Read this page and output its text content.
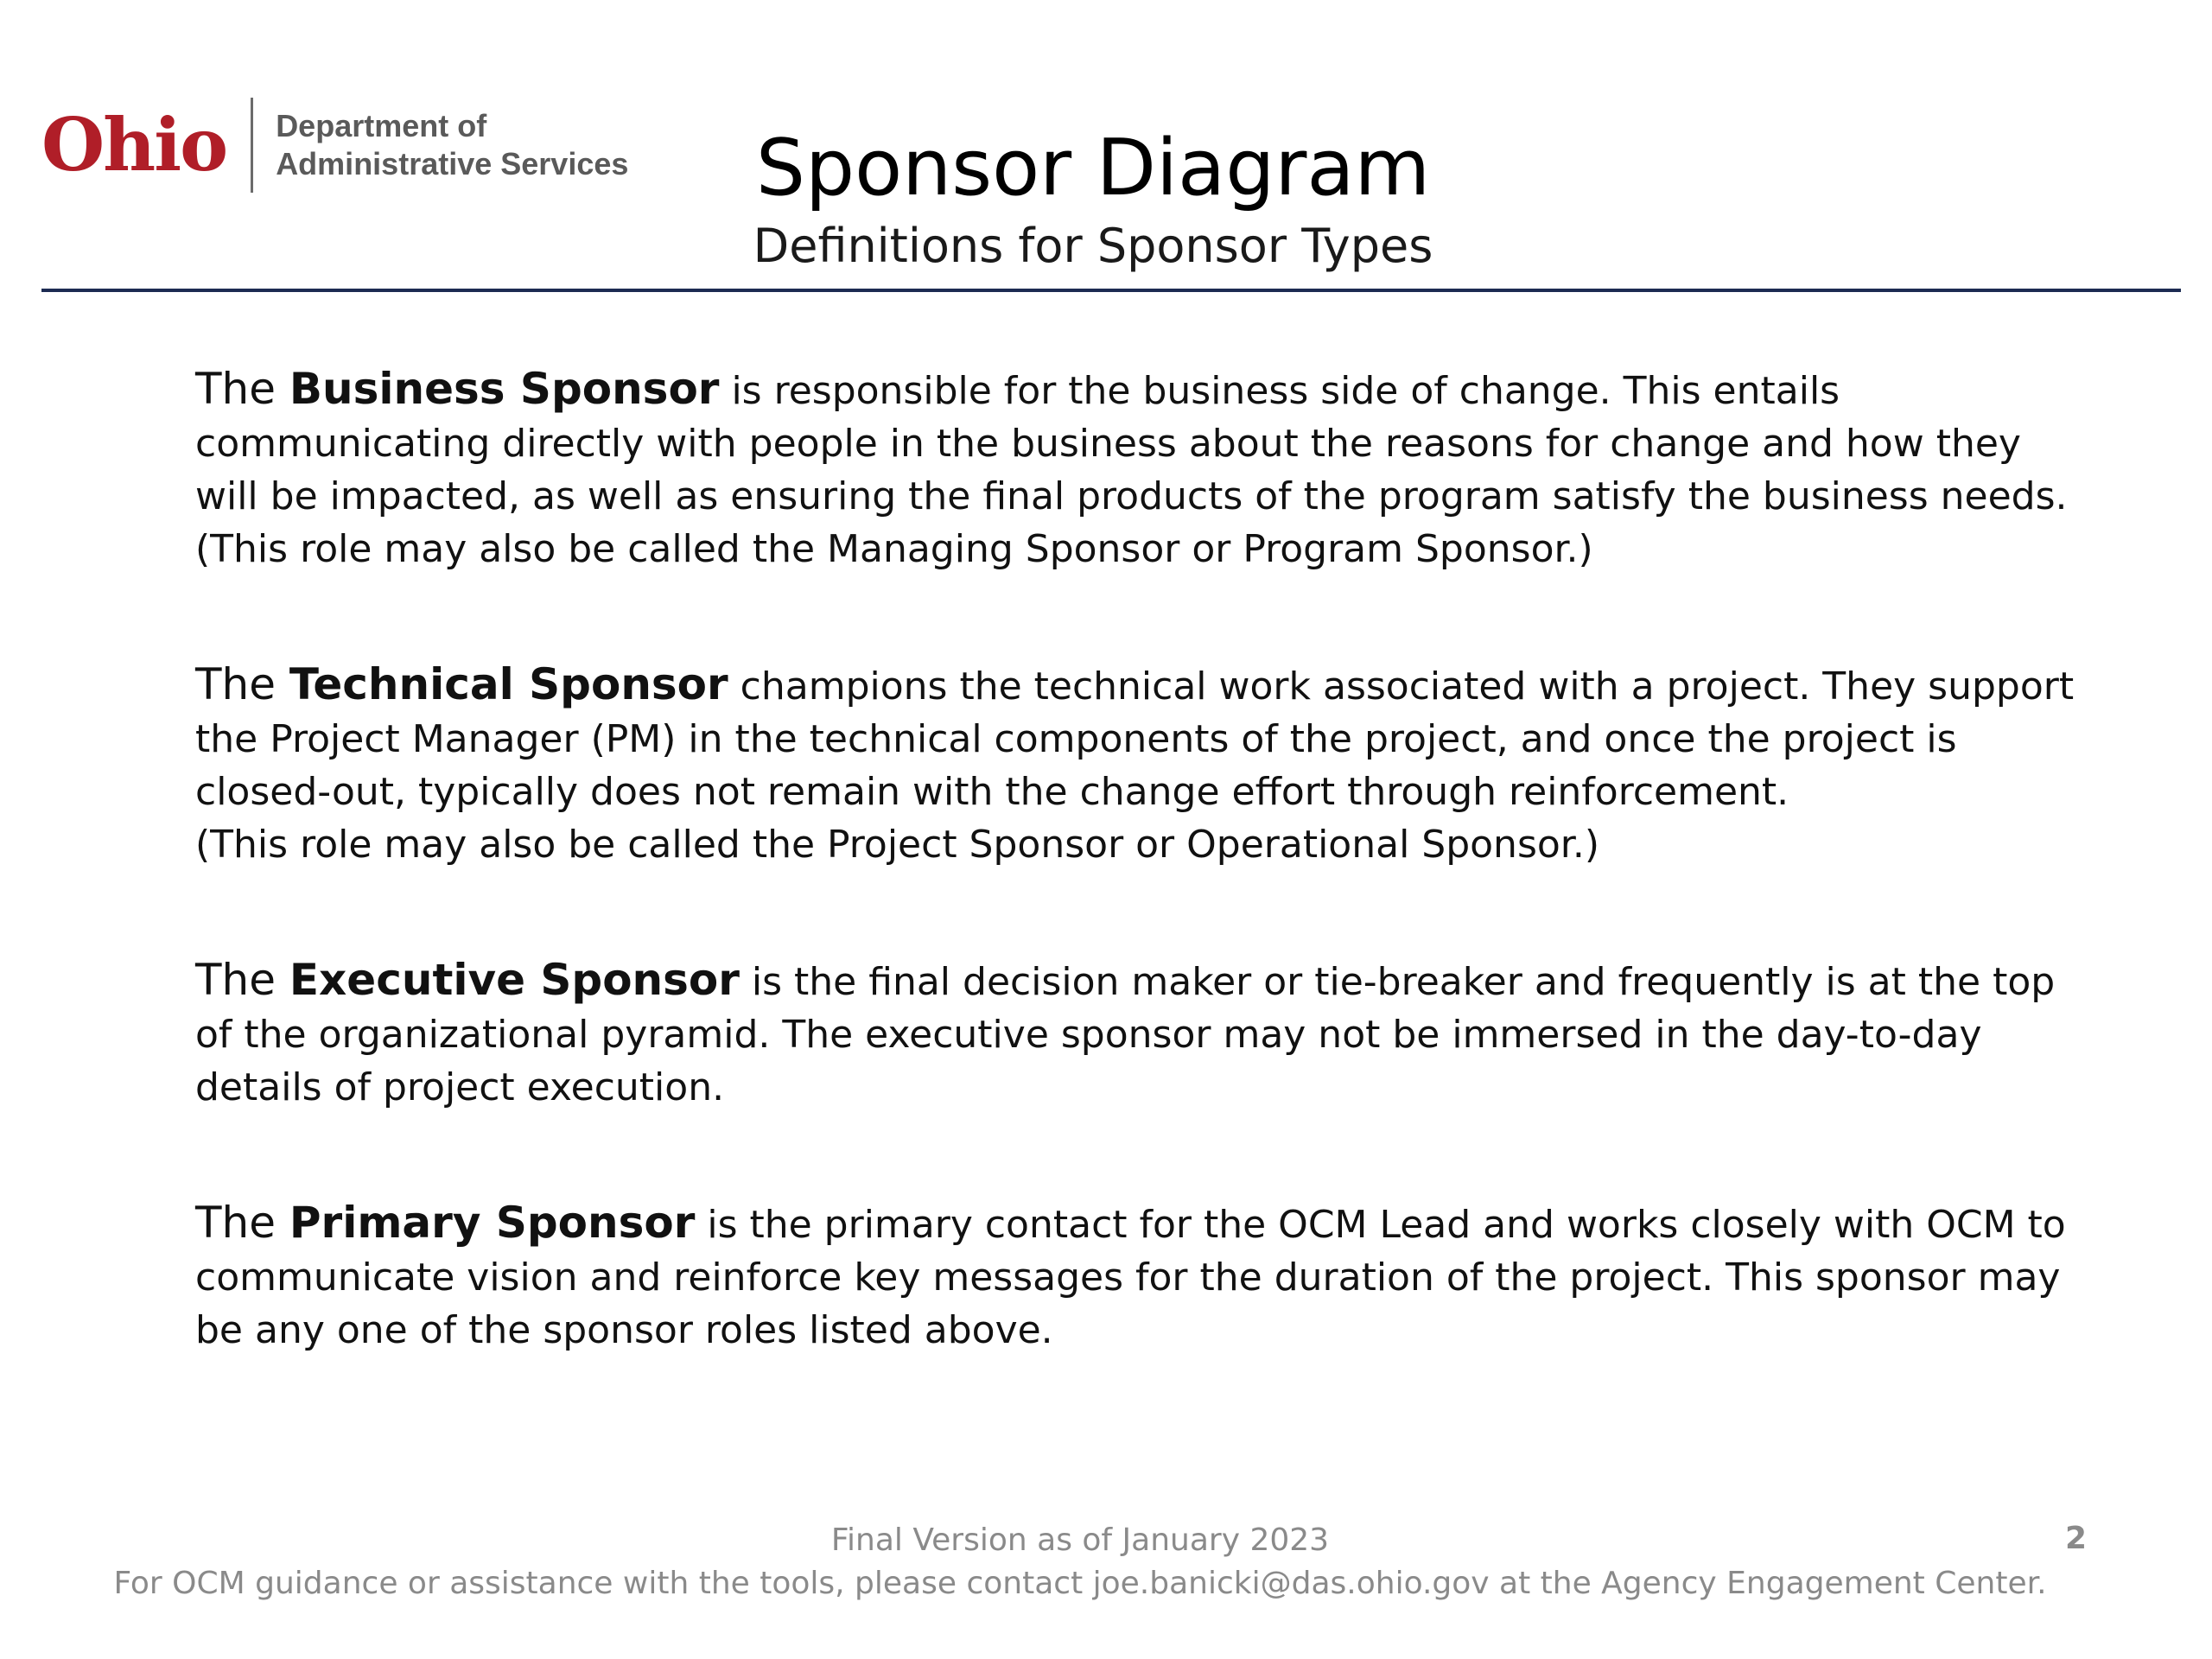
Ohio Department of
Administrative Services	Sponsor Diagram
Definitions for Sponsor Types

The Business Sponsor is responsible for the business side of change. This entails communicating directly with people in the business about the reasons for change and how they will be impacted, as well as ensuring the final products of the program satisfy the business needs.
(This role may also be called the Managing Sponsor or Program Sponsor.)

The Technical Sponsor champions the technical work associated with a project. They support the Project Manager (PM) in the technical components of the project, and once the project is closed-out, typically does not remain with the change effort through reinforcement.
(This role may also be called the Project Sponsor or Operational Sponsor.)

The Executive Sponsor is the final decision maker or tie-breaker and frequently is at the top of the organizational pyramid. The executive sponsor may not be immersed in the day-to-day details of project execution.

The Primary Sponsor is the primary contact for the OCM Lead and works closely with OCM to communicate vision and reinforce key messages for the duration of the project. This sponsor may be any one of the sponsor roles listed above.

Final Version as of January 2023
For OCM guidance or assistance with the tools, please contact joe.banicki@das.ohio.gov at the Agency Engagement Center.
2
